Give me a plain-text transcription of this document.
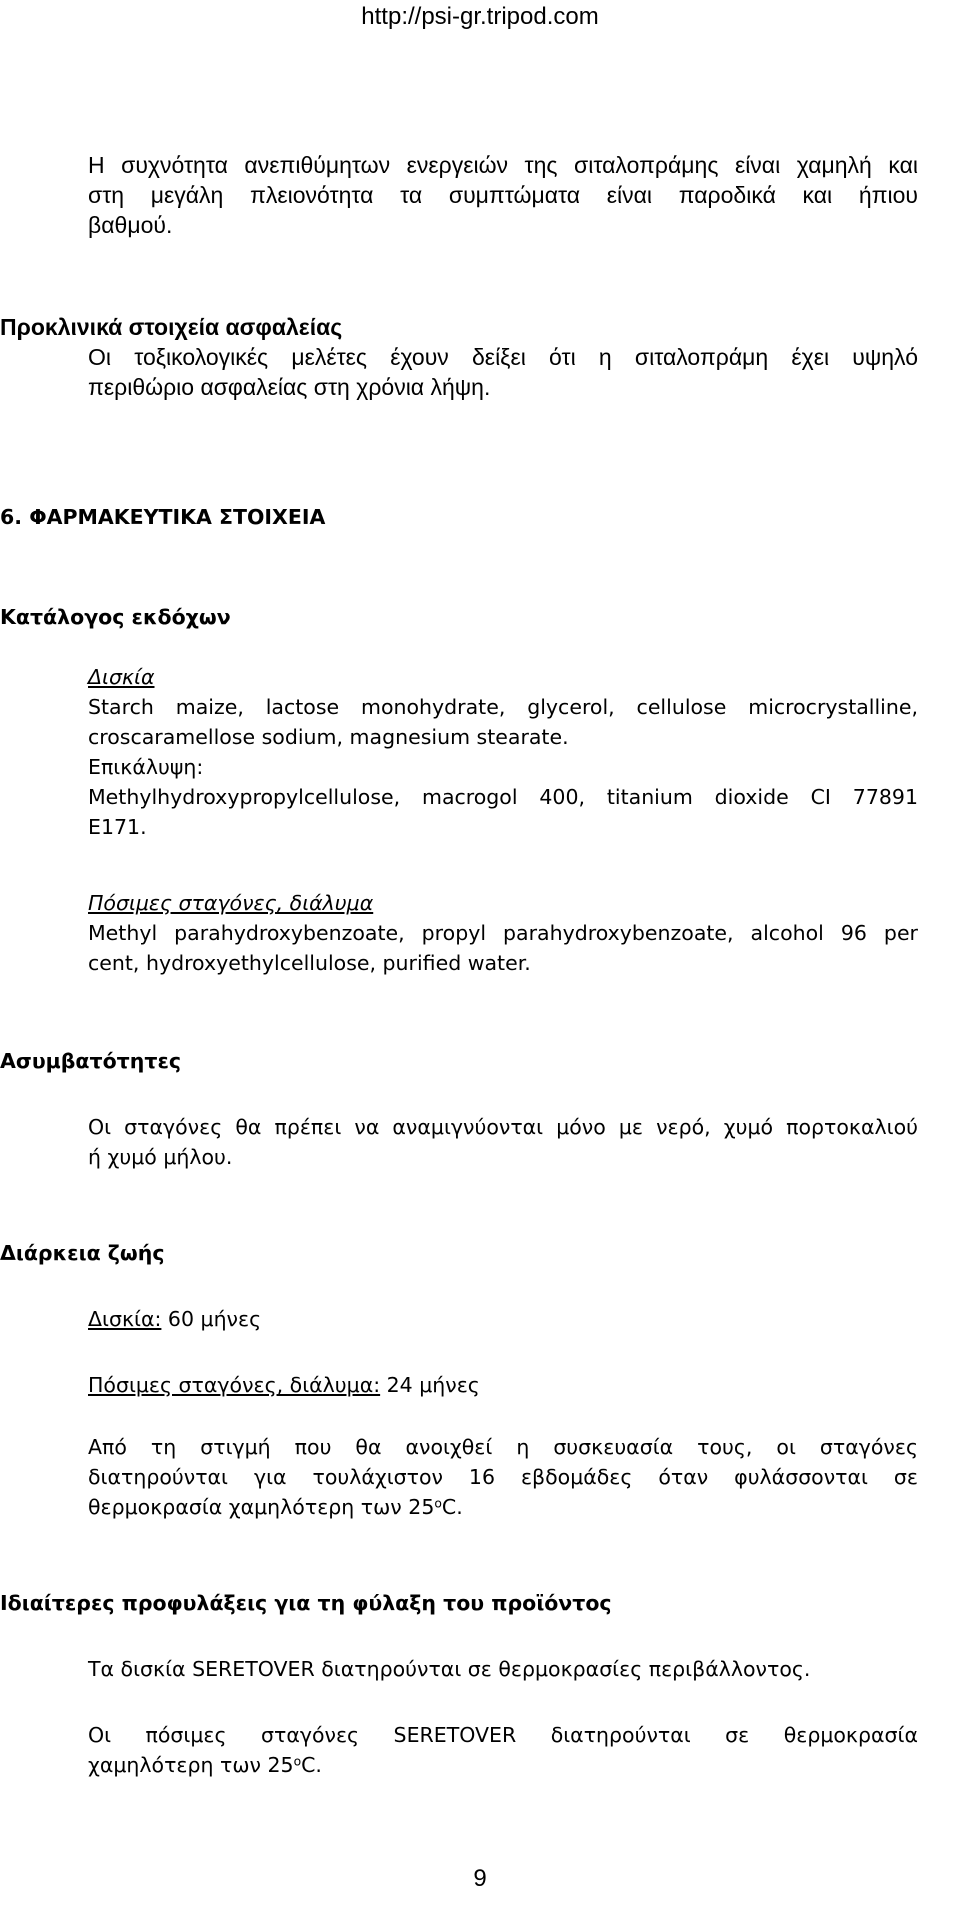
http://psi-gr.tripod.com
Η συχνότητα ανεπιθύμητων ενεργειών της σιταλοπράμης είναι χαμηλή και
στη μεγάλη πλειονότητα τα συμπτώματα είναι παροδικά και ήπιου
βαθμού.
Προκλινικά στοιχεία ασφαλείας
Οι τοξικολογικές μελέτες έχουν δείξει ότι η σιταλοπράμη έχει υψηλό
περιθώριο ασφαλείας στη χρόνια λήψη.
6. ΦΑΡΜΑΚΕΥΤΙΚΑ ΣΤΟΙΧΕΙΑ
Κατάλογος εκδόχων
Δισκία
Starch maize, lactose monohydrate, glycerol, cellulose microcrystalline,
croscaramellose sodium, magnesium stearate.
Επικάλυψη:
Methylhydroxypropylcellulose, macrogol 400, titanium dioxide CI 77891
E171.
Πόσιμες σταγόνες, διάλυμα
Methyl parahydroxybenzoate, propyl parahydroxybenzoate, alcohol 96 per
cent, hydroxyethylcellulose, purified water.
Ασυμβατότητες
Οι σταγόνες θα πρέπει να αναμιγνύονται μόνο με νερό, χυμό πορτοκαλιού
ή χυμό μήλου.
Διάρκεια ζωής
Δισκία: 60 μήνες
Πόσιμες σταγόνες, διάλυμα: 24 μήνες
Από τη στιγμή που θα ανοιχθεί η συσκευασία τους, οι σταγόνες
διατηρούνται για τουλάχιστον 16 εβδομάδες όταν φυλάσσονται σε
θερμοκρασία χαμηλότερη των $25^oC$.
Ιδιαίτερες προφυλάξεις για τη φύλαξη του προϊόντος
Τα δισκία SERETOVER διατηρούνται σε θερμοκρασίες περιβάλλοντος.
Οι πόσιμες σταγόνες SERETOVER διατηρούνται σε θερμοκρασία
χαμηλότερη των $25^oC$.
9
